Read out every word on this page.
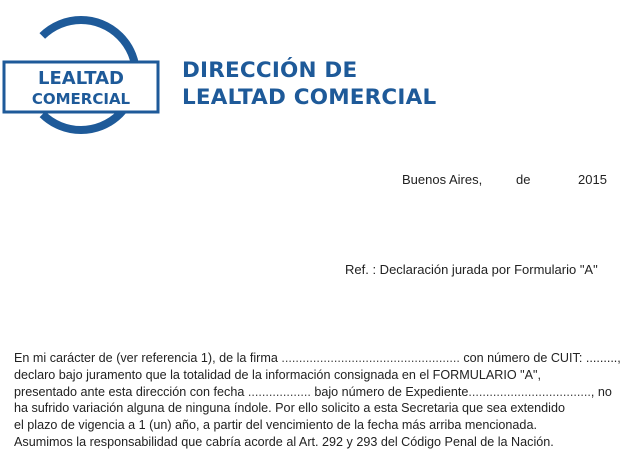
LEALTAD
COMERCIAL
DIRECCIÓN DE
LEALTAD COMERCIAL
Buenos Aires,	de	2015
Ref. : Declaración jurada por Formulario "A"
En mi carácter de (ver referencia 1), de la firma ................................................... con número de CUIT: .........,
declaro bajo juramento que la totalidad de la información consignada en el FORMULARIO "A",
presentado ante esta dirección con fecha .................. bajo número de Expediente..................................., no
ha sufrido variación alguna de ninguna índole. Por ello solicito a esta Secretaria que sea extendido
el plazo de vigencia a 1 (un) año, a partir del vencimiento de la fecha más arriba mencionada.
Asumimos la responsabilidad que cabría acorde al Art. 292 y 293 del Código Penal de la Nación.
